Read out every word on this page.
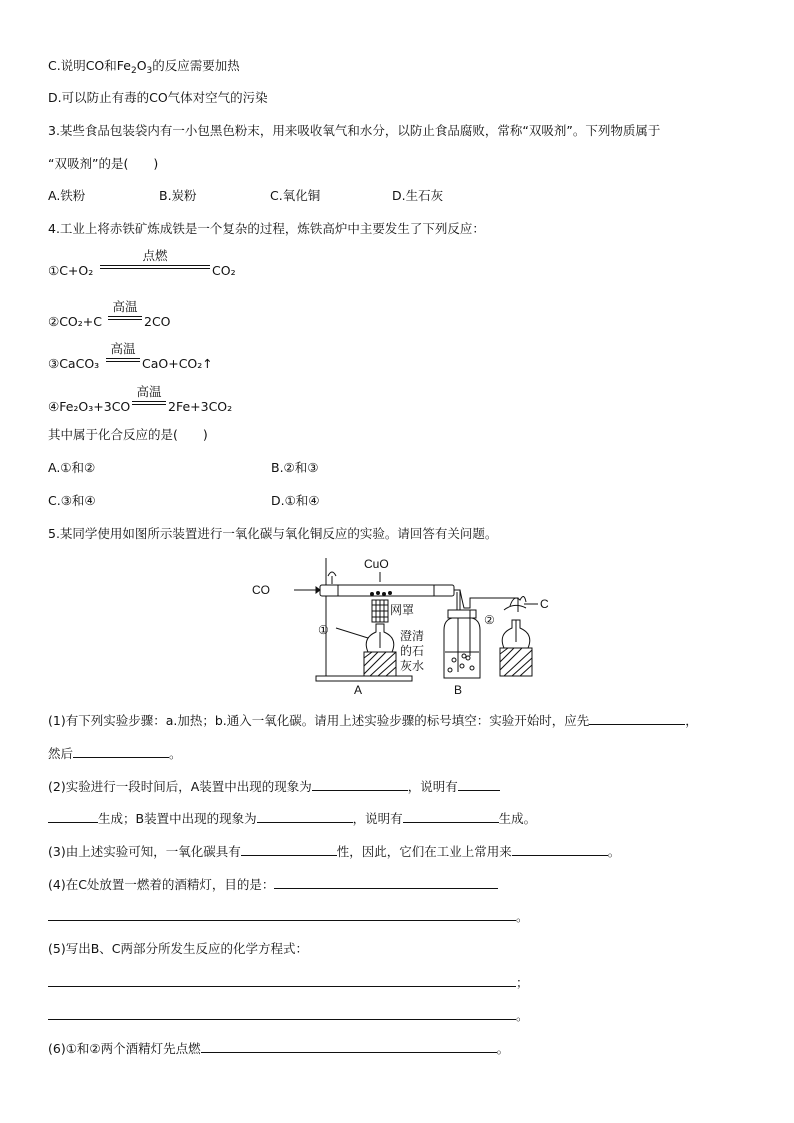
C.说明CO和$Fe_2O_3$的反应需要加热
D.可以防止有毒的CO气体对空气的污染
3.某些食品包装袋内有一小包黑色粉末，用来吸收氧气和水分，以防止食品腐败，常称“双吸剂”。下列物质属于
“双吸剂”的是(　　)
A.铁粉	B.炭粉	C.氧化铜	D.生石灰
4.工业上将赤铁矿炼成铁是一个复杂的过程，炼铁高炉中主要发生了下列反应：
①C+O₂
点燃
CO₂
②CO₂+C
高温
2CO
③CaCO₃
高温
CaO+CO₂↑
④Fe₂O₃+3CO
高温
2Fe+3CO₂
其中属于化合反应的是(　　)
A.①和②	B.②和③
C.③和④	D.①和④
5.某同学使用如图所示装置进行一氧化碳与氧化铜反应的实验。请回答有关问题。
CO
CuO
网罩
①
②
C
澄清
的石
灰水
A	B
(1)有下列实验步骤：a.加热；b.通入一氧化碳。请用上述实验步骤的标号填空：实验开始时，应先	，
然后	。
(2)实验进行一段时间后，A装置中出现的现象为	，说明有
生成；B装置中出现的现象为	，说明有	生成。
(3)由上述实验可知，一氧化碳具有	性，因此，它们在工业上常用来	。
(4)在C处放置一燃着的酒精灯，目的是：
。
(5)写出B、C两部分所发生反应的化学方程式：
；
。
(6)①和②两个酒精灯先点燃	。
